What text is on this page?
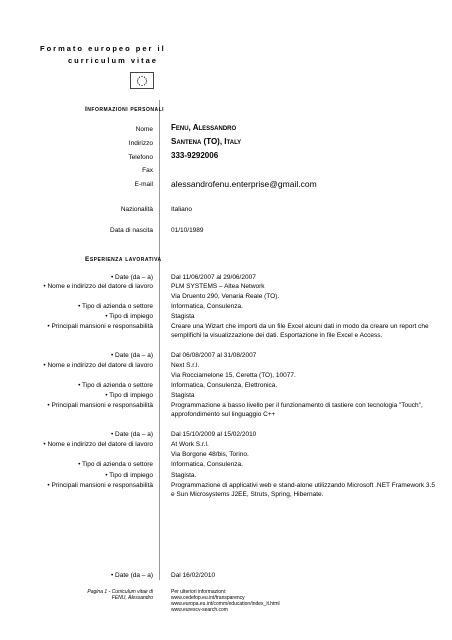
Formato europeo per il
curriculum vitae
Informazioni personali
Nome Fenu, Alessandro
Indirizzo Santena (TO), Italy
Telefono 333-9292006
Fax
E-mail alessandrofenu.enterprise@gmail.com
Nazionalità	Italiano
Data di nascita	01/10/1989
Esperienza lavorativa
• Date (da – a)	Dal 11/06/2007 al 29/06/2007
• Nome e indirizzo del datore di lavoro	PLM SYSTEMS – Altea Network
Via Druento 290, Venaria Reale (TO).
• Tipo di azienda o settore	Informatica, Consulenza.
• Tipo di impiego	Stagista
• Principali mansioni e responsabilità	Creare una Wizart che importi da un file Excel alcuni dati in modo da creare un report che semplifichi la visualizzazione dei dati. Esportazione in file Excel e Access.
• Date (da – a)	Dal 06/08/2007 al 31/08/2007
• Nome e indirizzo del datore di lavoro	Next S.r.l.
Via Rocciamelone 15, Ceretta (TO), 10077.
• Tipo di azienda o settore	Informatica, Consulenza, Elettronica.
• Tipo di impiego	Stagista
• Principali mansioni e responsabilità	Programmazione a basso livello per il funzionamento di tastiere con tecnologia "Touch", approfondimento sul linguaggio C++
• Date (da – a)	Dal 15/10/2009 al 15/02/2010
• Nome e indirizzo del datore di lavoro	At Work S.r.l.
Via Borgone 48/bis, Torino.
• Tipo di azienda o settore	Informatica, Consulenza.
• Tipo di impiego	Stagista.
• Principali mansioni e responsabilità	Programmazione di applicativi web e stand-alone utilizzando Microsoft .NET Framework 3.5 e Sun Microsystems J2EE, Struts, Spring, Hibernate.
• Date (da – a)	Dal 16/02/2010
Pagina 1 - Curriculum vitae di
FENU, Alessandro
Per ulteriori informazioni:
www.cedefop.eu.int/transparency
www.europa.eu.int/comm/education/index_it.html
www.eurescv-search.com
